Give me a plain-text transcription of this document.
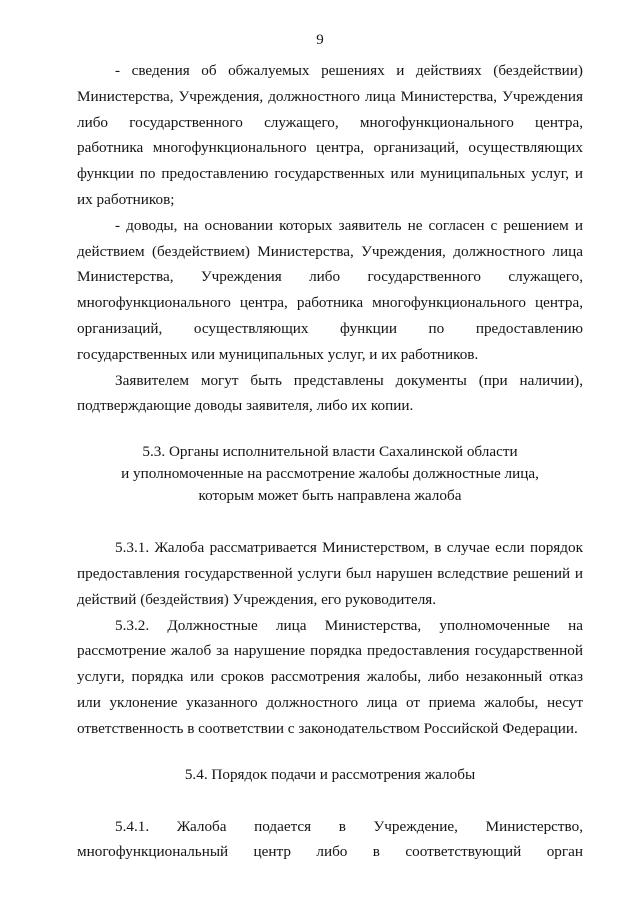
9

- сведения об обжалуемых решениях и действиях (бездействии)
Министерства, Учреждения, должностного лица Министерства, Учреждения
либо государственного служащего, многофункционального центра,
работника многофункционального центра, организаций, осуществляющих
функции по предоставлению государственных или муниципальных услуг, и
их работников;

- доводы, на основании которых заявитель не согласен с решением и
действием (бездействием) Министерства, Учреждения, должностного лица
Министерства, Учреждения либо государственного служащего,
многофункционального центра, работника многофункционального центра,
организаций, осуществляющих функции по предоставлению
государственных или муниципальных услуг, и их работников.

Заявителем могут быть представлены документы (при наличии),
подтверждающие доводы заявителя, либо их копии.

5.3. Органы исполнительной власти Сахалинской области
и уполномоченные на рассмотрение жалобы должностные лица,
которым может быть направлена жалоба

5.3.1. Жалоба рассматривается Министерством, в случае если порядок
предоставления государственной услуги был нарушен вследствие решений и
действий (бездействия) Учреждения, его руководителя.

5.3.2. Должностные лица Министерства, уполномоченные на
рассмотрение жалоб за нарушение порядка предоставления государственной
услуги, порядка или сроков рассмотрения жалобы, либо незаконный отказ
или уклонение указанного должностного лица от приема жалобы, несут
ответственность в соответствии с законодательством Российской Федерации.

5.4. Порядок подачи и рассмотрения жалобы

5.4.1. Жалоба подается в Учреждение, Министерство,
многофункциональный центр либо в соответствующий орган
